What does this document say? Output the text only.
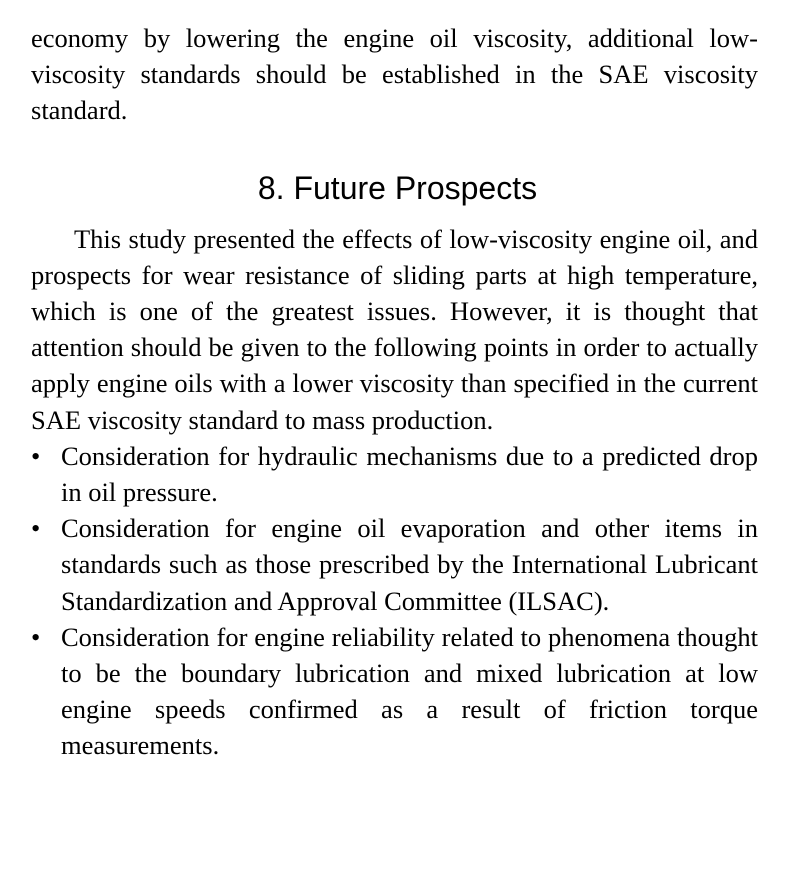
economy by lowering the engine oil viscosity, additional low-viscosity standards should be established in the SAE viscosity standard.

8. Future Prospects

This study presented the effects of low-viscosity engine oil, and prospects for wear resistance of sliding parts at high temperature, which is one of the greatest issues. However, it is thought that attention should be given to the following points in order to actually apply engine oils with a lower viscosity than specified in the current SAE viscosity standard to mass production.

• Consideration for hydraulic mechanisms due to a predicted drop in oil pressure.
• Consideration for engine oil evaporation and other items in standards such as those prescribed by the International Lubricant Standardization and Approval Committee (ILSAC).
• Consideration for engine reliability related to phenomena thought to be the boundary lubrication and mixed lubrication at low engine speeds confirmed as a result of friction torque measurements.
